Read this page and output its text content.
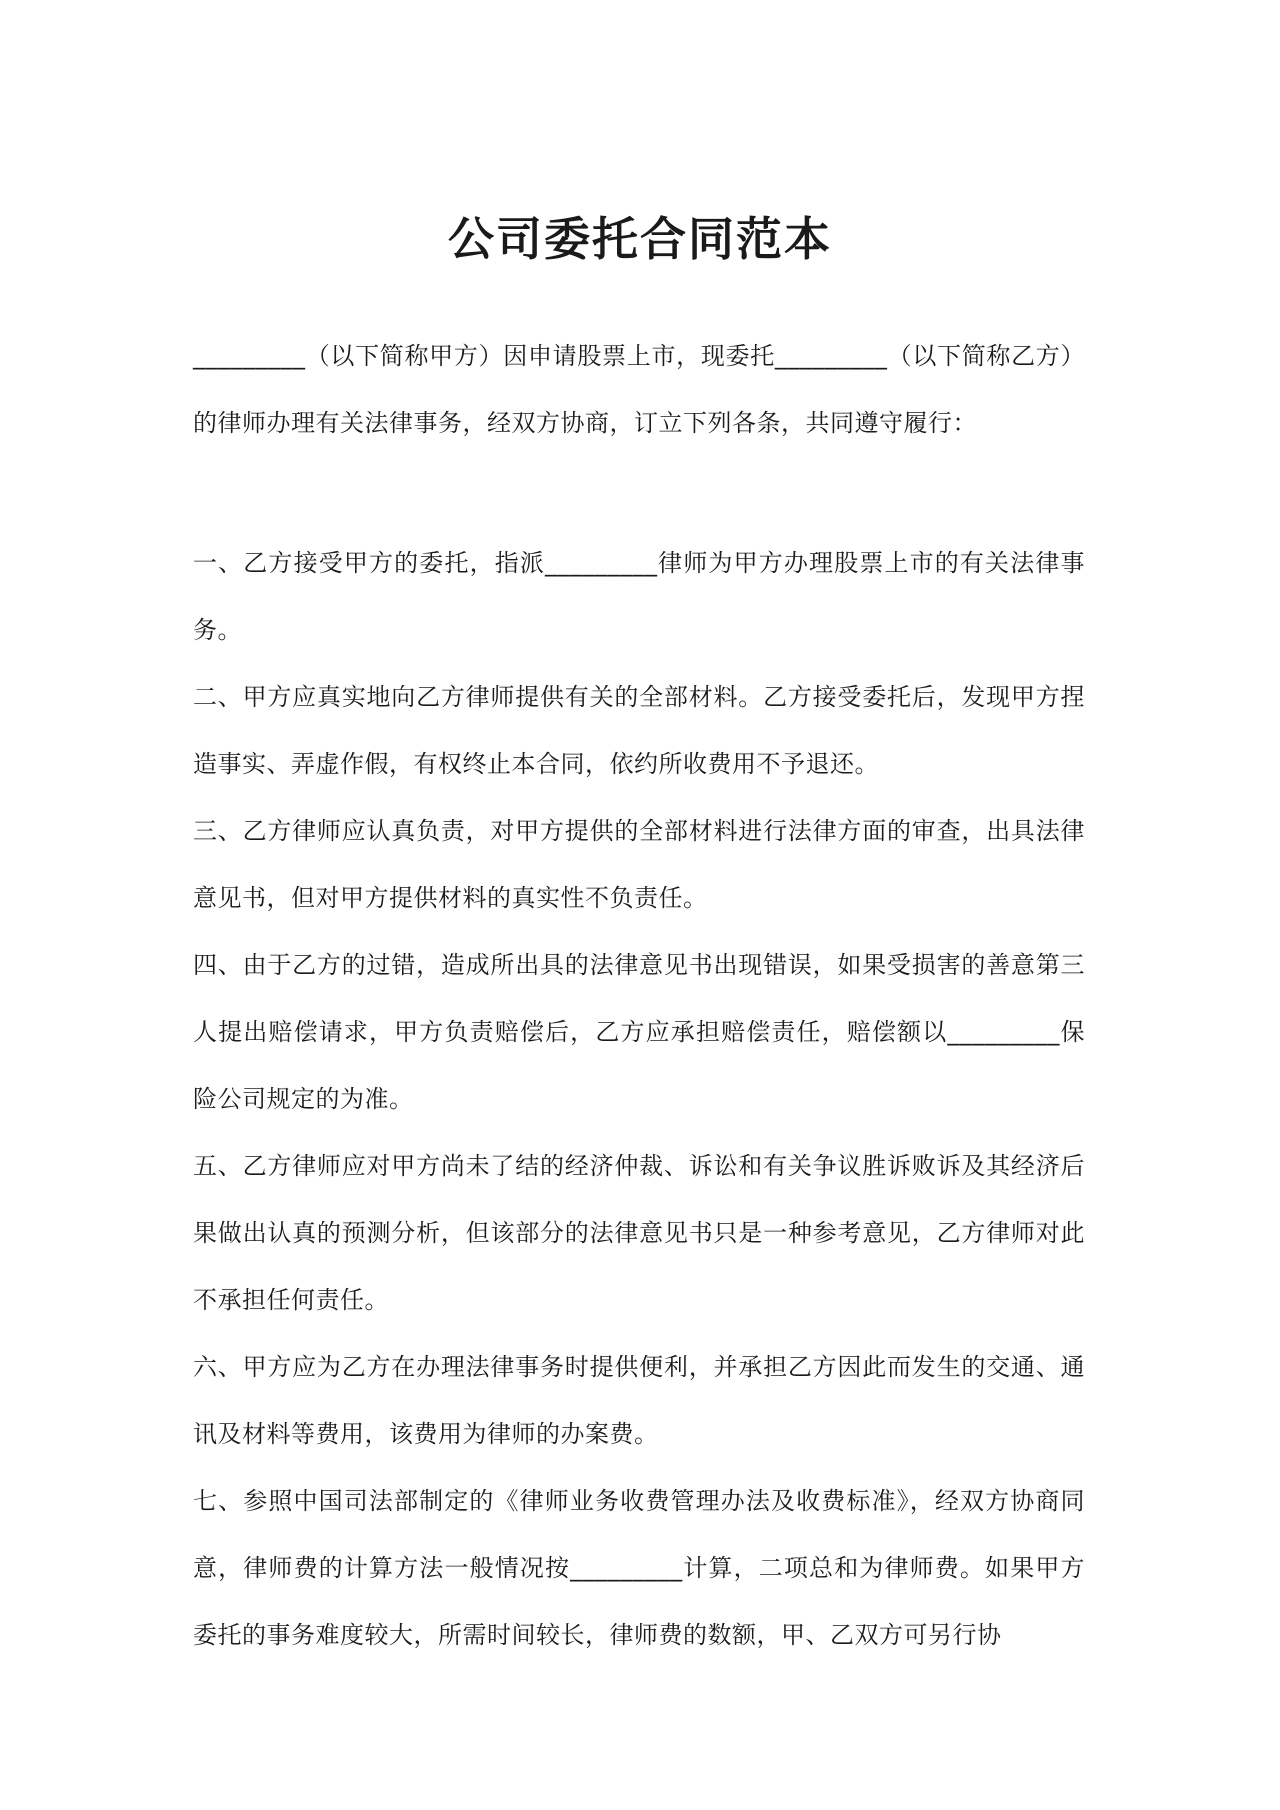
公司委托合同范本

_________（以下简称甲方）因申请股票上市，现委托_________（以下简称乙方）的律师办理有关法律事务，经双方协商，订立下列各条，共同遵守履行：

一、乙方接受甲方的委托，指派_________律师为甲方办理股票上市的有关法律事务。

二、甲方应真实地向乙方律师提供有关的全部材料。乙方接受委托后，发现甲方捏造事实、弄虚作假，有权终止本合同，依约所收费用不予退还。

三、乙方律师应认真负责，对甲方提供的全部材料进行法律方面的审查，出具法律意见书，但对甲方提供材料的真实性不负责任。

四、由于乙方的过错，造成所出具的法律意见书出现错误，如果受损害的善意第三人提出赔偿请求，甲方负责赔偿后，乙方应承担赔偿责任，赔偿额以_________保险公司规定的为准。

五、乙方律师应对甲方尚未了结的经济仲裁、诉讼和有关争议胜诉败诉及其经济后果做出认真的预测分析，但该部分的法律意见书只是一种参考意见，乙方律师对此不承担任何责任。

六、甲方应为乙方在办理法律事务时提供便利，并承担乙方因此而发生的交通、通讯及材料等费用，该费用为律师的办案费。

七、参照中国司法部制定的《律师业务收费管理办法及收费标准》，经双方协商同意，律师费的计算方法一般情况按_________计算，二项总和为律师费。如果甲方委托的事务难度较大，所需时间较长，律师费的数额，甲、乙双方可另行协
